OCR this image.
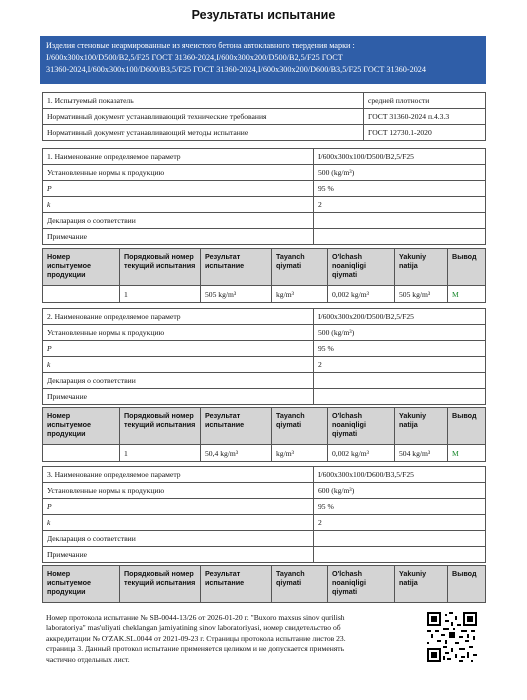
Результаты испытание
Изделия стеновые неармированные из ячеистого бетона автоклавного твердения марки :
I/600x300x100/D500/B2,5/F25 ГОСТ 31360-2024,I/600x300x200/D500/B2,5/F25 ГОСТ
31360-2024,I/600x300x100/D600/B3,5/F25 ГОСТ 31360-2024,I/600x300x200/D600/B3,5/F25 ГОСТ 31360-2024
1. Испытуемый показатель	средней плотности
Нормативный документ устанавливающий технические требования	ГОСТ 31360-2024 п.4.3.3
Нормативный документ устанавливающий методы испытание	ГОСТ 12730.1-2020
1. Наименование определяемое параметр	I/600x300x100/D500/B2,5/F25
Установленные нормы к продукцию	500 (kg/m³)
P	95 %
k	2
Декларация о соответствии	
Примечание	
Номер испытуемое продукции	Порядковый номер текущий испытания	Результат испытание	Tayanch qiymati	O'lchash noaniqligi qiymati	Yakuniy natija	Вывод
	1	505 kg/m³	kg/m³	0,002 kg/m³	505 kg/m³	M
2. Наименование определяемое параметр	I/600x300x200/D500/B2,5/F25
Установленные нормы к продукцию	500 (kg/m³)
P	95 %
k	2
Декларация о соответствии	
Примечание	
Номер испытуемое продукции	Порядковый номер текущий испытания	Результат испытание	Tayanch qiymati	O'lchash noaniqligi qiymati	Yakuniy natija	Вывод
	1	50,4 kg/m³	kg/m³	0,002 kg/m³	504 kg/m³	M
3. Наименование определяемое параметр	I/600x300x100/D600/B3,5/F25
Установленные нормы к продукцию	600 (kg/m³)
P	95 %
k	2
Декларация о соответствии	
Примечание	
Номер испытуемое продукции	Порядковый номер текущий испытания	Результат испытание	Tayanch qiymati	O'lchash noaniqligi qiymati	Yakuniy natija	Вывод
Номер протокола испытание № SB-0044-13/26 от 2026-01-20 г. "Buxoro maxsus sinov qurilish
laboratoriya" mas'uliyati cheklangan jamiyatining sinov laboratoriyasi, номер свидетельство об
аккредитации № O'ZAK.SL.0044 от 2021-09-23 г. Страницы протокола испытание листов 23.
страница 3. Данный протокол испытание применяется целиком и не допускается применять
частично отдельных лист.
